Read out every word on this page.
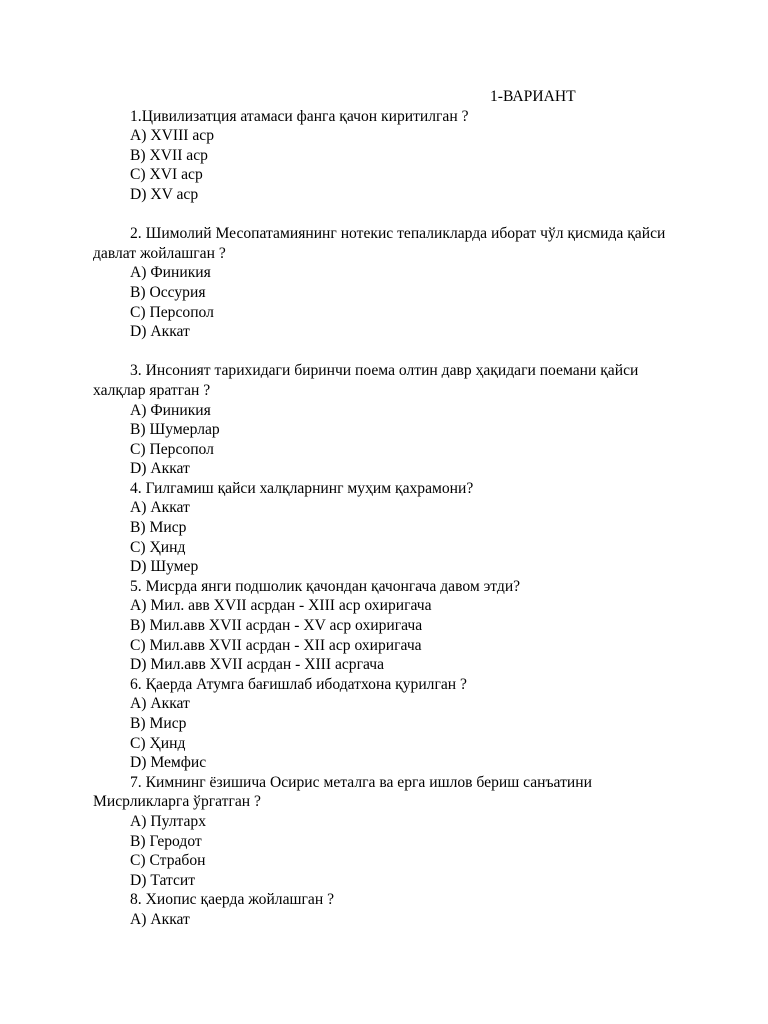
1-ВАРИАНТ

1.Цивилизатция атамаси фанга қачон киритилган ?

A) XVIII аср

B) XVII аср

C) XVI аср

D) XV аср

2. Шимолий Месопатамиянинг нотекис тепаликларда иборат чўл қисмида қайси давлат жойлашган ?

A) Финикия

B) Оссурия

C) Персопол

D) Аккат

3. Инсоният тарихидаги биринчи поема олтин давр ҳақидаги поемани қайси халқлар яратган ?

A) Финикия

B) Шумерлар

C) Персопол

D) Аккат

4. Гилгамиш қайси халқларнинг муҳим қахрамони?

A) Аккат

B) Миср

C) Ҳинд

D) Шумер

5. Мисрда янги подшолик қачондан қачонгача давом этди?

A) Мил. авв XVII асрдан - XIII аср охиригача

B) Мил.авв XVII асрдан - XV аср охиригача

C) Мил.авв XVII асрдан - XII аср охиригача

D) Мил.авв XVII асрдан - XIII асргача

6. Қаерда Атумга бағишлаб ибодатхона қурилган ?

A) Аккат

B) Миср

C) Ҳинд

D) Мемфис

7. Кимнинг ёзишича Осирис металга ва ерга ишлов бериш санъатини Мисрликларга ўргатган ?

A) Пултарх

B) Геродот

C) Страбон

D) Татсит

8. Хиопис қаерда жойлашган ?

A) Аккат
